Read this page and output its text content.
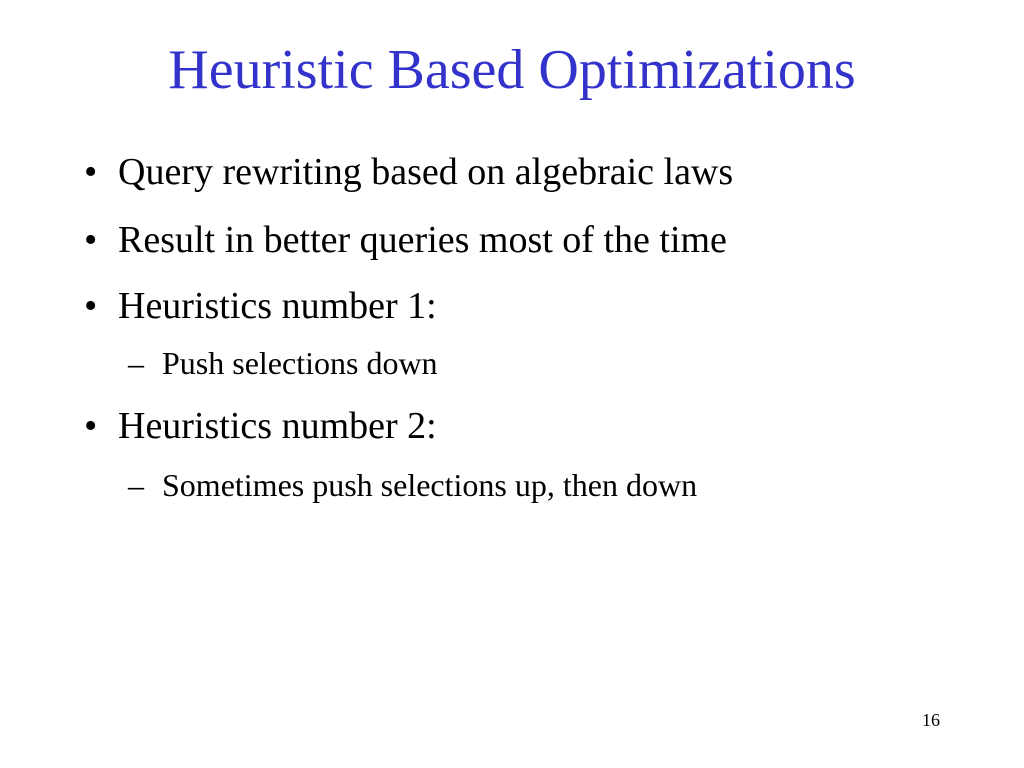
Heuristic Based Optimizations
• Query rewriting based on algebraic laws
• Result in better queries most of the time
• Heuristics number 1:
– Push selections down
• Heuristics number 2:
– Sometimes push selections up, then down
16
